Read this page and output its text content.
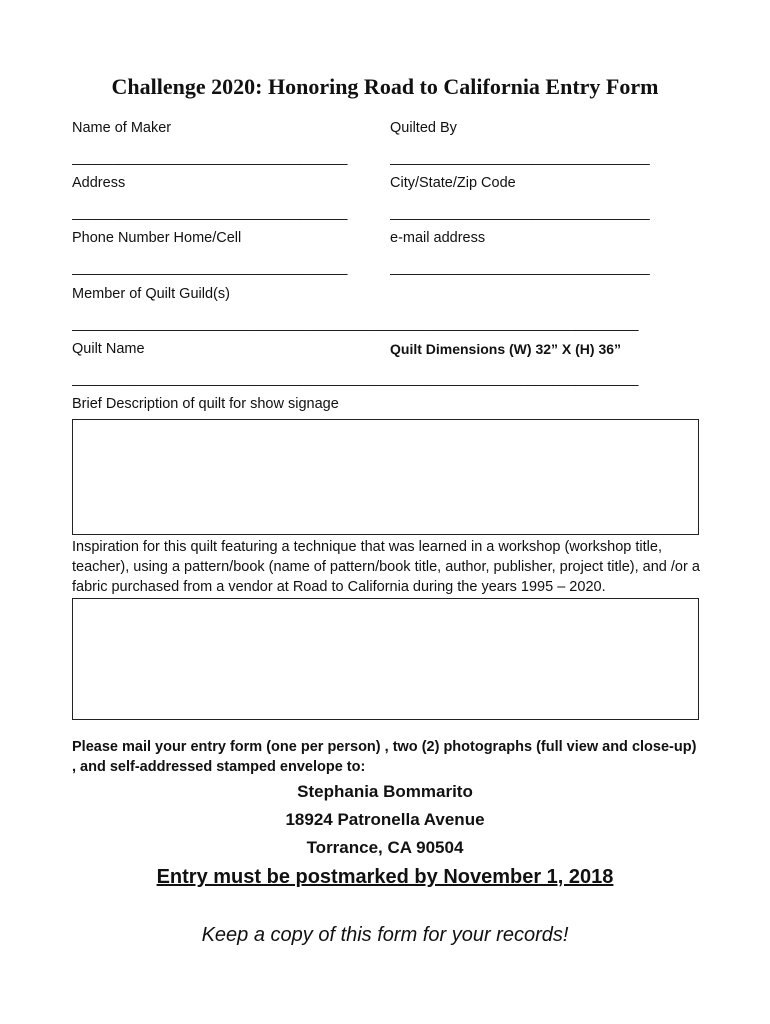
Challenge 2020: Honoring Road to California Entry Form
Name of Maker	Quilted By
___________________________________	_________________________________
Address	City/State/Zip Code
___________________________________	_________________________________
Phone Number Home/Cell	e-mail address
___________________________________	_________________________________
Member of Quilt Guild(s)
________________________________________________________________________
Quilt Name	Quilt Dimensions (W) 32” X (H) 36”
________________________________________________________________________
Brief Description of quilt for show signage
Inspiration for this quilt featuring a technique that was learned in a workshop (workshop title, teacher), using a pattern/book (name of pattern/book title, author, publisher, project title), and /or a fabric purchased from a vendor at Road to California during the years 1995 – 2020.
Please mail your entry form (one per person) , two (2) photographs (full view and close-up) , and self-addressed stamped envelope to:
Stephania Bommarito
18924 Patronella Avenue
Torrance, CA 90504
Entry must be postmarked by November 1, 2018
Keep a copy of this form for your records!
